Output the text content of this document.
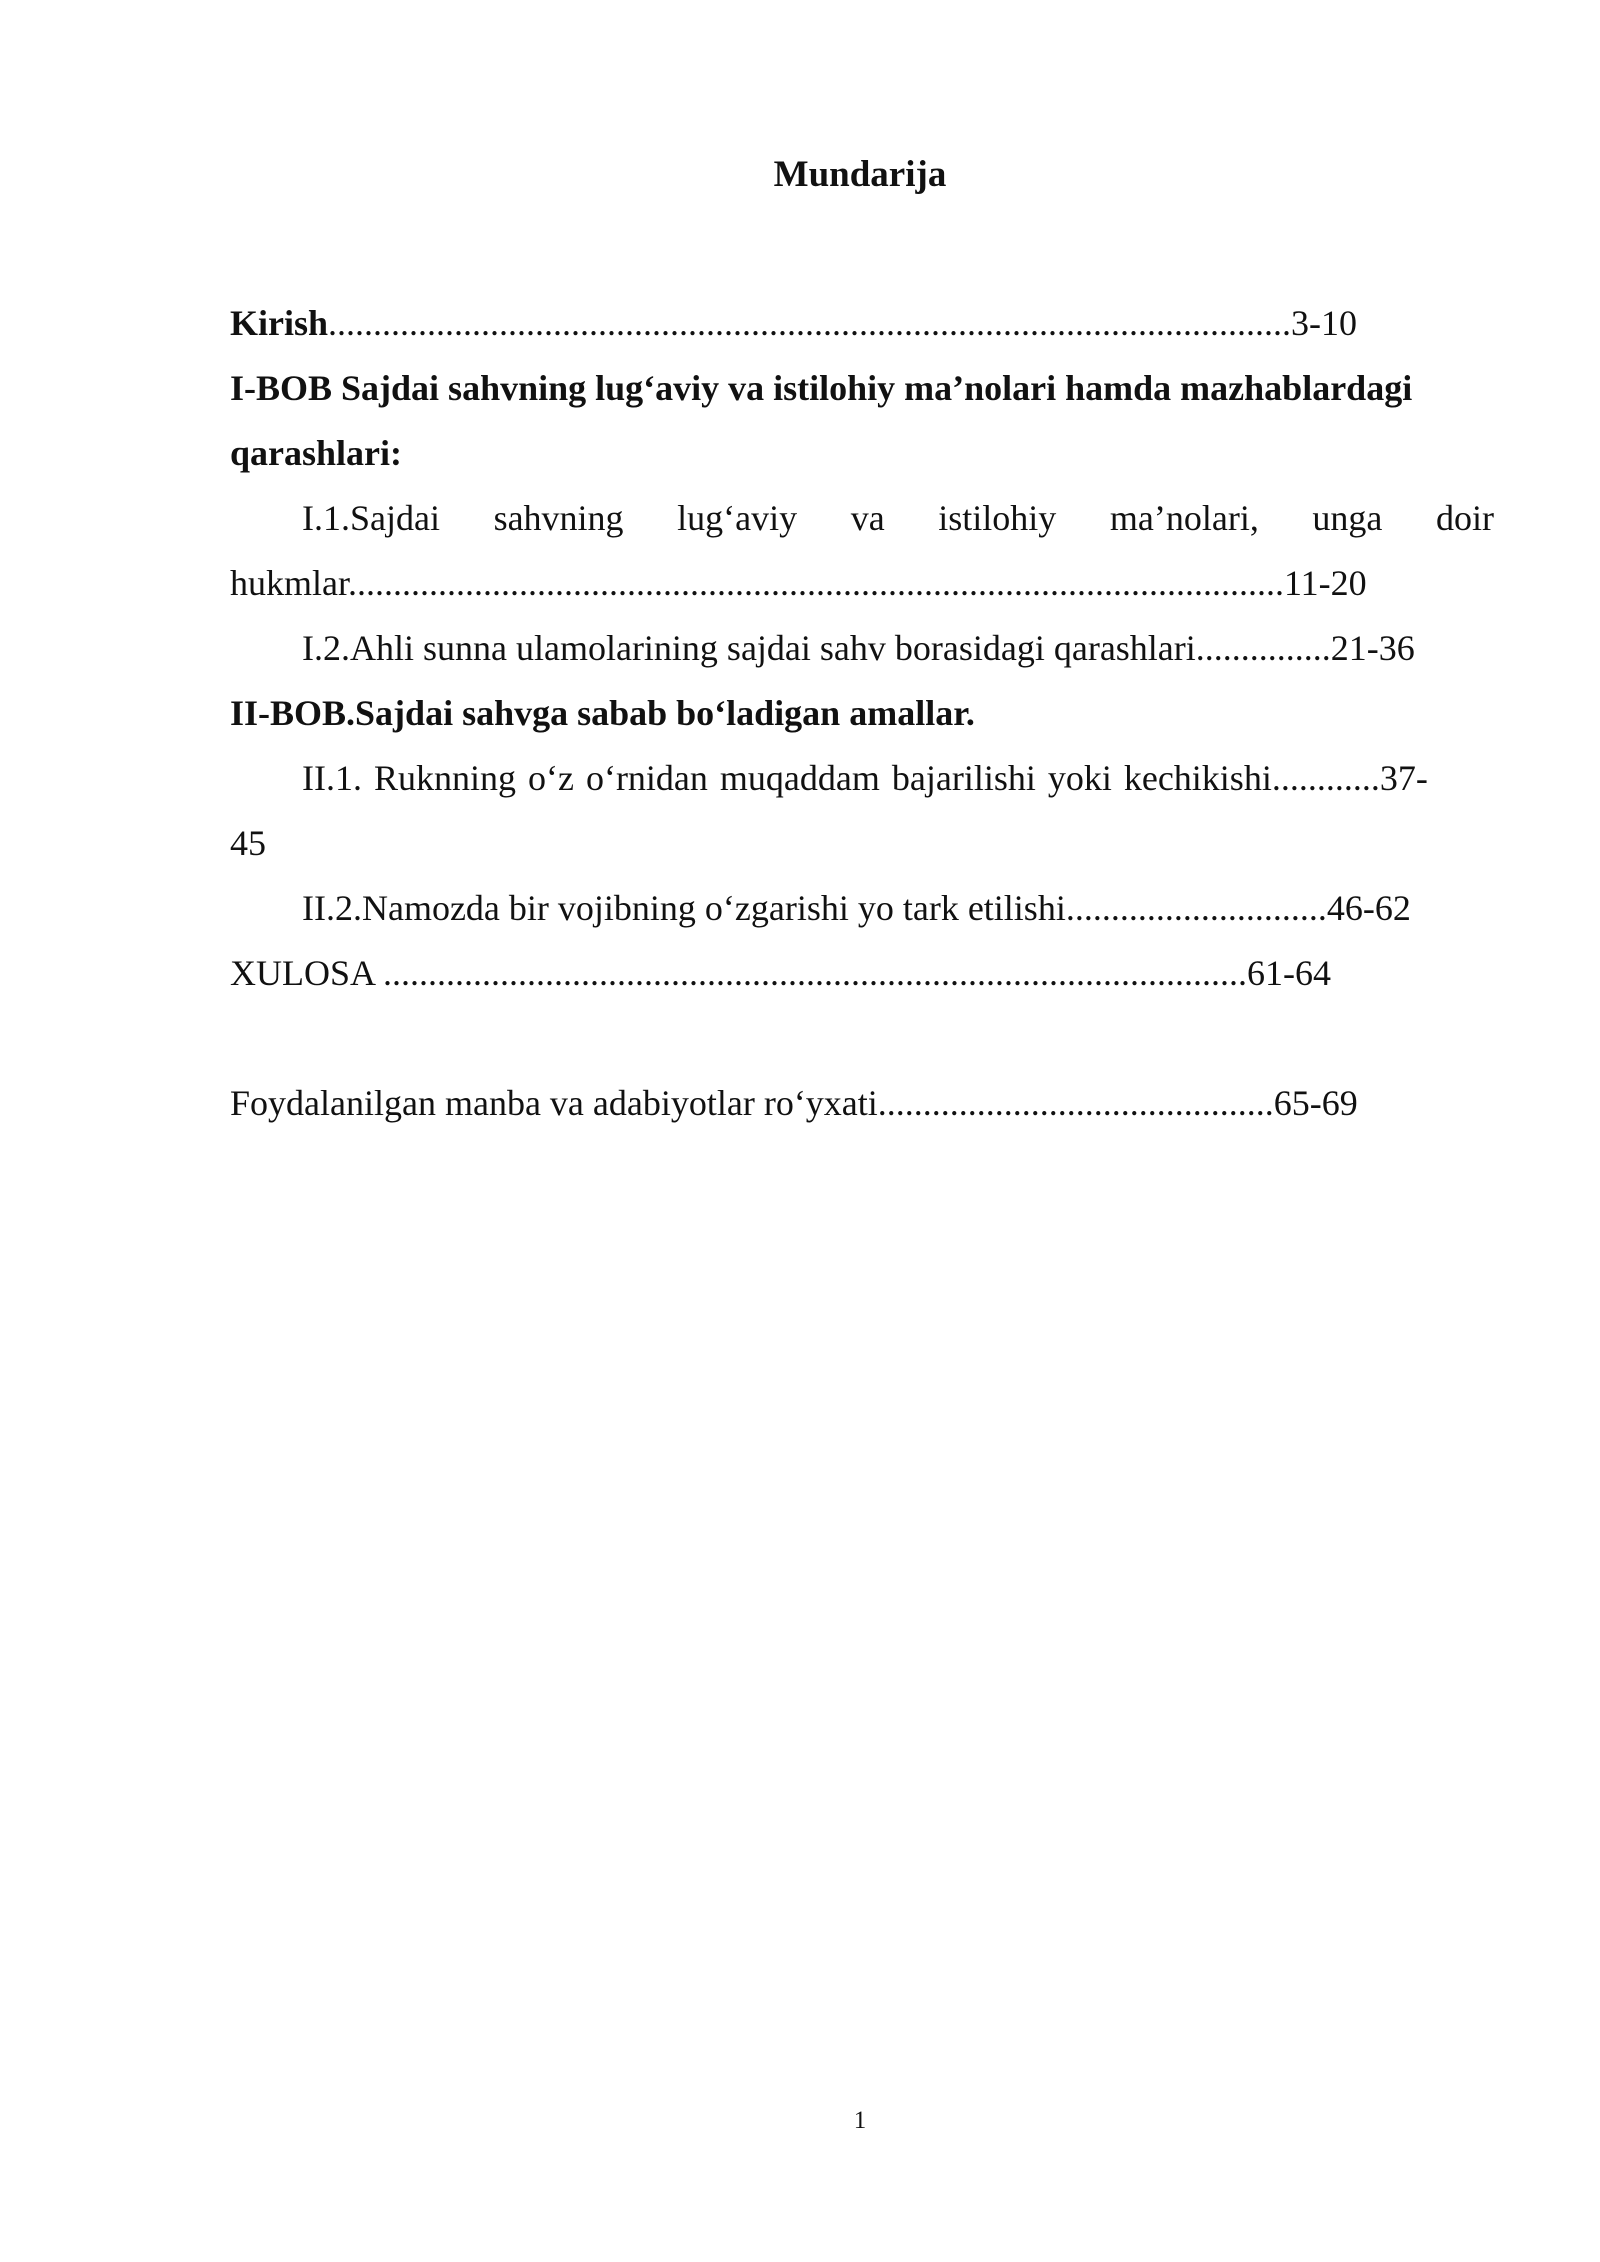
Mundarija
Kirish...........................................................................................................3-10
I-BOB Sajdai sahvning lug‘aviy va istilohiy ma’nolari hamda mazhablardagi
qarashlari:
I.1.Sajdai sahvning lug‘aviy va istilohiy ma’nolari, unga doir
hukmlar........................................................................................................11-20
I.2.Ahli sunna ulamolarining sajdai sahv borasidagi qarashlari...............21-36
II-BOB.Sajdai sahvga sabab bo‘ladigan amallar.
II.1. Ruknning o‘z o‘rnidan muqaddam bajarilishi yoki kechikishi............37-
45
II.2.Namozda bir vojibning o‘zgarishi yo tark etilishi.............................46-62
XULOSA ................................................................................................61-64
Foydalanilgan manba va adabiyotlar ro‘yxati............................................65-69
1
